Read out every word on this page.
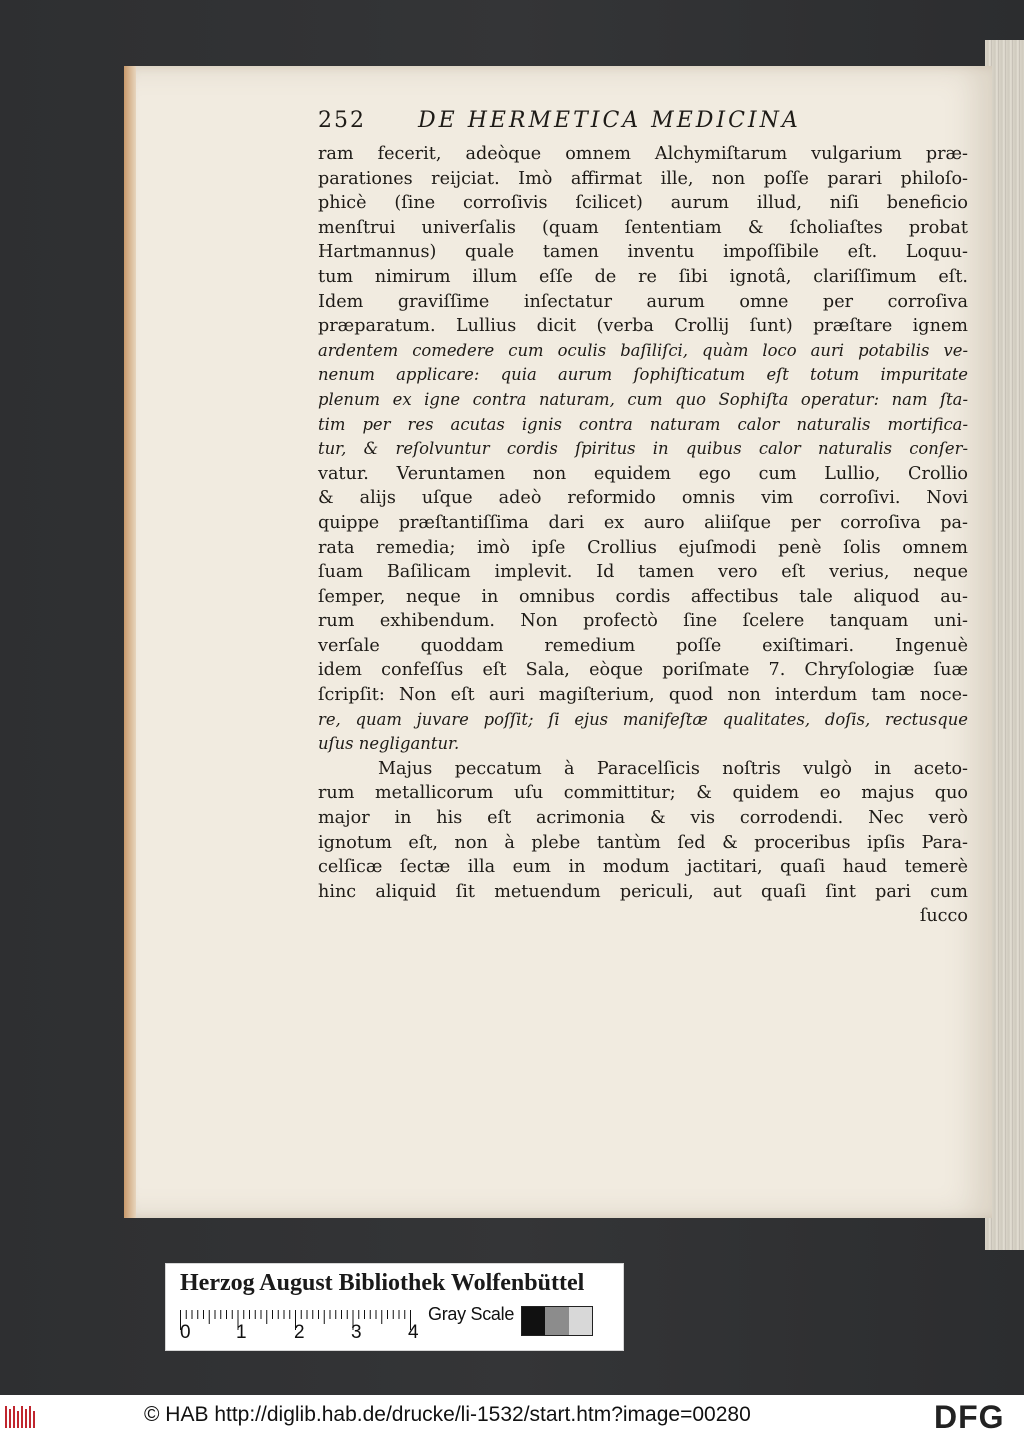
252	DE HERMETICA MEDICINA
ram fecerit, adeòque omnem Alchymiſtarum vulgarium præ-
parationes reijciat. Imò affirmat ille, non poſſe parari philoſo-
phicè (ſine corroſivis ſcilicet) aurum illud, niſi beneficio
menſtrui univerſalis (quam ſententiam & ſcholiaſtes probat
Hartmannus) quale tamen inventu impoſſibile eſt. Loquu-
tum nimirum illum eſſe de re ſibi ignotâ, clariſſimum eſt.
Idem graviſſime inſectatur aurum omne per corroſiva
præparatum. Lullius dicit (verba Crollij ſunt) præſtare ignem
ardentem comedere cum oculis baſiliſci, quàm loco auri potabilis ve-
nenum applicare: quia aurum ſophiſticatum eſt totum impuritate
plenum ex igne contra naturam, cum quo Sophiſta operatur: nam ſta-
tim per res acutas ignis contra naturam calor naturalis mortifica-
tur, & reſolvuntur cordis ſpiritus in quibus calor naturalis conſer-
vatur. Veruntamen non equidem ego cum Lullio, Crollio
& alijs uſque adeò reformido omnis vim corroſivi. Novi
quippe præſtantiſſima dari ex auro aliiſque per corroſiva pa-
rata remedia; imò ipſe Crollius ejuſmodi penè ſolis omnem
ſuam Baſilicam implevit. Id tamen vero eſt verius, neque
ſemper, neque in omnibus cordis affectibus tale aliquod au-
rum exhibendum. Non profectò ſine ſcelere tanquam uni-
verſale quoddam remedium poſſe exiſtimari. Ingenuè
idem confeſſus eſt Sala, eòque poriſmate 7. Chryſologiæ ſuæ
ſcripſit: Non eſt auri magiſterium, quod non interdum tam noce-
re, quam juvare poſſit; ſi ejus manifeſtæ qualitates, doſis, rectusque
uſus negligantur.
Majus peccatum à Paracelſicis noſtris vulgò in aceto-
rum metallicorum uſu committitur; & quidem eo majus quo
major in his eſt acrimonia & vis corrodendi. Nec verò
ignotum eſt, non à plebe tantùm ſed & proceribus ipſis Para-
celſicæ ſectæ illa eum in modum jactitari, quaſi haud temerè
hinc aliquid ſit metuendum periculi, aut quaſi ſint pari cum
ſucco
Herzog August Bibliothek Wolfenbüttel
0 1 2 3 4
Gray Scale
© HAB http://diglib.hab.de/drucke/li-1532/start.htm?image=00280	DFG
